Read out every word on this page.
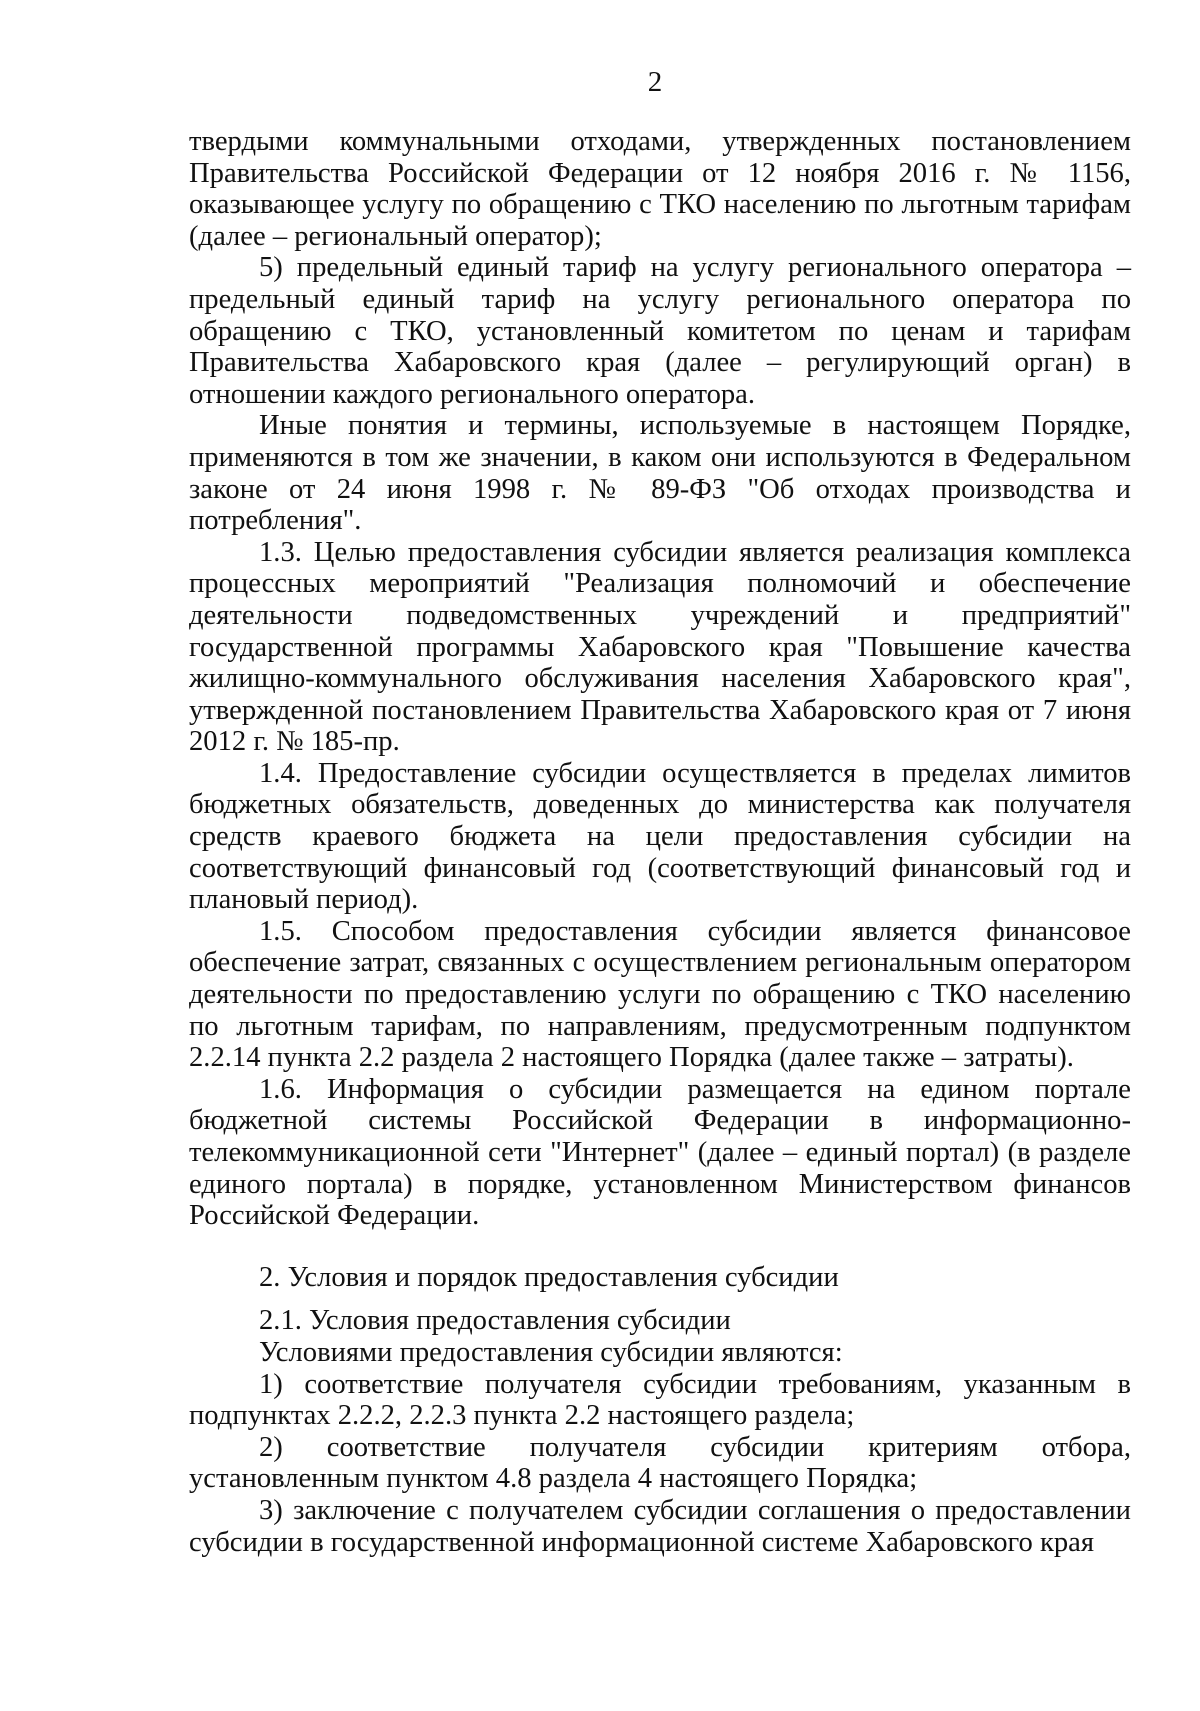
2

твердыми коммунальными отходами, утвержденных постановлением Правительства Российской Федерации от 12 ноября 2016 г. № 1156, оказывающее услугу по обращению с ТКО населению по льготным тарифам (далее – региональный оператор);

5) предельный единый тариф на услугу регионального оператора – предельный единый тариф на услугу регионального оператора по обращению с ТКО, установленный комитетом по ценам и тарифам Правительства Хабаровского края (далее – регулирующий орган) в отношении каждого регионального оператора.

Иные понятия и термины, используемые в настоящем Порядке, применяются в том же значении, в каком они используются в Федеральном законе от 24 июня 1998 г. № 89-ФЗ "Об отходах производства и потребления".

1.3. Целью предоставления субсидии является реализация комплекса процессных мероприятий "Реализация полномочий и обеспечение деятельности подведомственных учреждений и предприятий" государственной программы Хабаровского края "Повышение качества жилищно-коммунального обслуживания населения Хабаровского края", утвержденной постановлением Правительства Хабаровского края от 7 июня 2012 г. № 185-пр.

1.4. Предоставление субсидии осуществляется в пределах лимитов бюджетных обязательств, доведенных до министерства как получателя средств краевого бюджета на цели предоставления субсидии на соответствующий финансовый год (соответствующий финансовый год и плановый период).

1.5. Способом предоставления субсидии является финансовое обеспечение затрат, связанных с осуществлением региональным оператором деятельности по предоставлению услуги по обращению с ТКО населению по льготным тарифам, по направлениям, предусмотренным подпунктом 2.2.14 пункта 2.2 раздела 2 настоящего Порядка (далее также – затраты).

1.6. Информация о субсидии размещается на едином портале бюджетной системы Российской Федерации в информационно-телекоммуникационной сети "Интернет" (далее – единый портал) (в разделе единого портала) в порядке, установленном Министерством финансов Российской Федерации.

2. Условия и порядок предоставления субсидии

2.1. Условия предоставления субсидии

Условиями предоставления субсидии являются:

1) соответствие получателя субсидии требованиям, указанным в подпунктах 2.2.2, 2.2.3 пункта 2.2 настоящего раздела;

2) соответствие получателя субсидии критериям отбора, установленным пунктом 4.8 раздела 4 настоящего Порядка;

3) заключение с получателем субсидии соглашения о предоставлении субсидии в государственной информационной системе Хабаровского края
